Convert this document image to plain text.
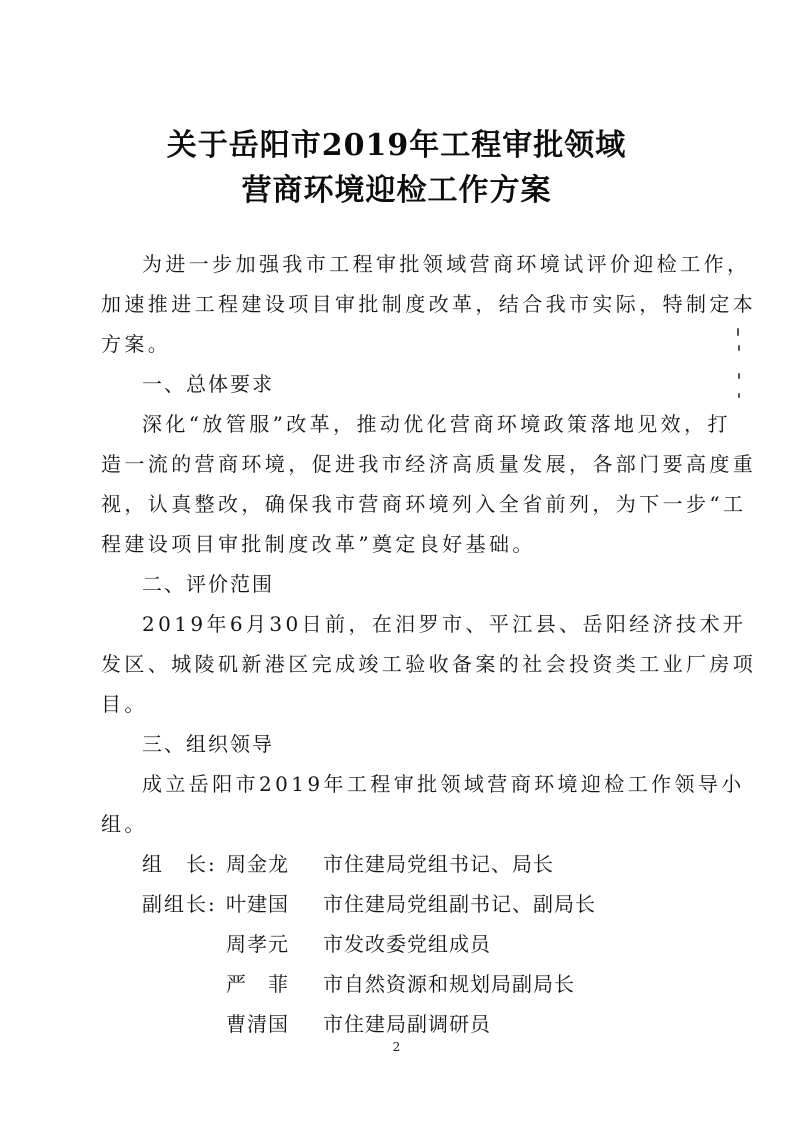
关于岳阳市2019年工程审批领域
营商环境迎检工作方案
为进一步加强我市工程审批领域营商环境试评价迎检工作，
加速推进工程建设项目审批制度改革，结合我市实际，特制定本
方案。
一、总体要求
深化“放管服”改革，推动优化营商环境政策落地见效，打
造一流的营商环境，促进我市经济高质量发展，各部门要高度重
视，认真整改，确保我市营商环境列入全省前列，为下一步“工
程建设项目审批制度改革”奠定良好基础。
二、评价范围
2019年6月30日前，在汨罗市、平江县、岳阳经济技术开
发区、城陵矶新港区完成竣工验收备案的社会投资类工业厂房项
目。
三、组织领导
成立岳阳市2019年工程审批领域营商环境迎检工作领导小
组。
组　长: 周金龙 市住建局党组书记、局长
副组长: 叶建国 市住建局党组副书记、副局长
周孝元 市发改委党组成员
严　菲 市自然资源和规划局副局长
曹清国 市住建局副调研员
2
